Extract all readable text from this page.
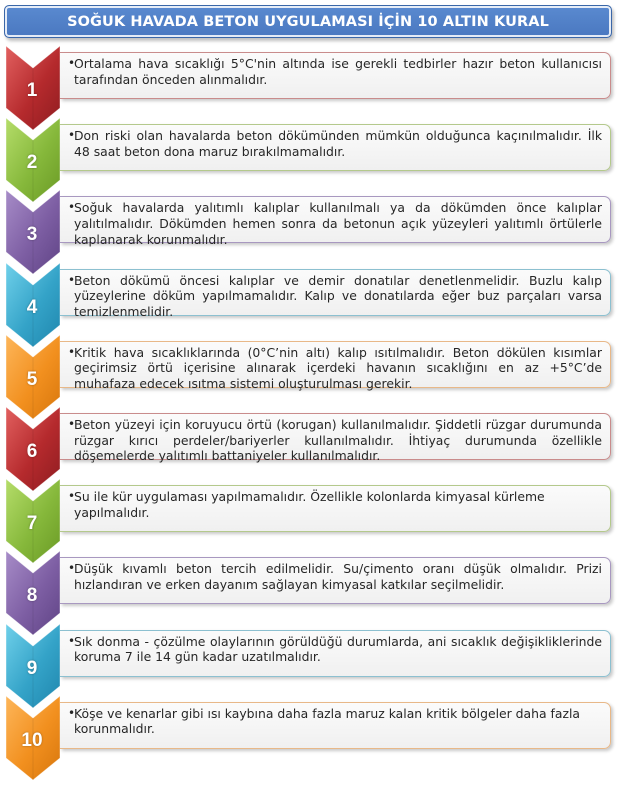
SOĞUK HAVADA BETON UYGULAMASI İÇİN 10 ALTIN KURAL
1
•
Ortalama hava sıcaklığı 5°C'nin altında ise gerekli tedbirler hazır beton kullanıcısı tarafından önceden alınmalıdır.
2
•
Don riski olan havalarda beton dökümünden mümkün olduğunca kaçınılmalıdır. İlk 48 saat beton dona maruz bırakılmamalıdır.
3
•
Soğuk havalarda yalıtımlı kalıplar kullanılmalı ya da dökümden önce kalıplar yalıtılmalıdır. Dökümden hemen sonra da betonun açık yüzeyleri yalıtımlı örtülerle kaplanarak korunmalıdır.
4
•
Beton dökümü öncesi kalıplar ve demir donatılar denetlenmelidir. Buzlu kalıp yüzeylerine döküm yapılmamalıdır. Kalıp ve donatılarda eğer buz parçaları varsa temizlenmelidir.
5
•
Kritik hava sıcaklıklarında (0°C’nin altı) kalıp ısıtılmalıdır. Beton dökülen kısımlar geçirimsiz örtü içerisine alınarak içerdeki havanın sıcaklığını en az +5°C’de muhafaza edecek ısıtma sistemi oluşturulması gerekir.
6
•
Beton yüzeyi için koruyucu örtü (korugan) kullanılmalıdır. Şiddetli rüzgar durumunda rüzgar kırıcı perdeler/bariyerler kullanılmalıdır. İhtiyaç durumunda özellikle döşemelerde yalıtımlı battaniyeler kullanılmalıdır.
7
•
Su ile kür uygulaması yapılmamalıdır. Özellikle kolonlarda kimyasal kürleme yapılmalıdır.
8
•
Düşük kıvamlı beton tercih edilmelidir. Su/çimento oranı düşük olmalıdır. Prizi hızlandıran ve erken dayanım sağlayan kimyasal katkılar seçilmelidir.
9
•
Sık donma - çözülme olaylarının görüldüğü durumlarda, ani sıcaklık değişikliklerinde koruma 7 ile 14 gün kadar uzatılmalıdır.
10
•
Köşe ve kenarlar gibi ısı kaybına daha fazla maruz kalan kritik bölgeler daha fazla korunmalıdır.
